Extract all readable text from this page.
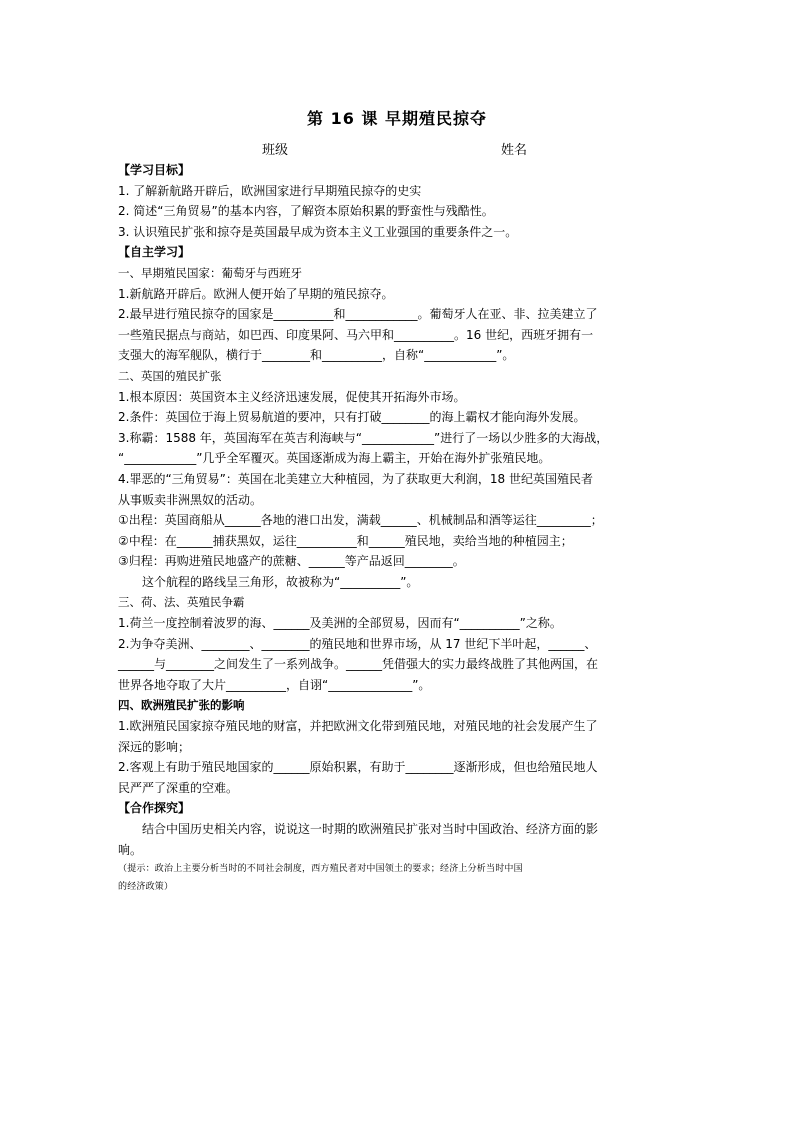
第 16 课 早期殖民掠夺
班级	姓名
【学习目标】
1. 了解新航路开辟后，欧洲国家进行早期殖民掠夺的史实
2. 简述“三角贸易”的基本内容，了解资本原始积累的野蛮性与残酷性。
3. 认识殖民扩张和掠夺是英国最早成为资本主义工业强国的重要条件之一。
【自主学习】
一、早期殖民国家：葡萄牙与西班牙
1.新航路开辟后。欧洲人便开始了早期的殖民掠夺。
2.最早进行殖民掠夺的国家是__________和____________。葡萄牙人在亚、非、拉美建立了
一些殖民据点与商站，如巴西、印度果阿、马六甲和__________。16 世纪，西班牙拥有一
支强大的海军舰队，横行于________和__________，自称“____________”。
二、英国的殖民扩张
1.根本原因：英国资本主义经济迅速发展，促使其开拓海外市场。
2.条件：英国位于海上贸易航道的要冲，只有打破________的海上霸权才能向海外发展。
3.称霸：1588 年，英国海军在英吉利海峡与“____________”进行了一场以少胜多的大海战，
“____________”几乎全军覆灭。英国逐渐成为海上霸主，开始在海外扩张殖民地。
4.罪恶的“三角贸易”：英国在北美建立大种植园，为了获取更大利润，18 世纪英国殖民者
从事贩卖非洲黑奴的活动。
①出程：英国商船从______各地的港口出发，满载______、机械制品和酒等运往_________；
②中程：在______捕获黑奴，运往__________和______殖民地，卖给当地的种植园主；
③归程：再购进殖民地盛产的蔗糖、______等产品返回________。
这个航程的路线呈三角形，故被称为“__________”。
三、荷、法、英殖民争霸
1.荷兰一度控制着波罗的海、______及美洲的全部贸易，因而有“__________”之称。
2.为争夺美洲、________、________的殖民地和世界市场，从 17 世纪下半叶起，______、
______与________之间发生了一系列战争。______凭借强大的实力最终战胜了其他两国，在
世界各地夺取了大片__________，自诩“______________”。
四、欧洲殖民扩张的影响
1.欧洲殖民国家掠夺殖民地的财富，并把欧洲文化带到殖民地，对殖民地的社会发展产生了
深远的影响；
2.客观上有助于殖民地国家的______原始积累，有助于________逐渐形成，但也给殖民地人
民严严了深重的空难。
【合作探究】
结合中国历史相关内容，说说这一时期的欧洲殖民扩张对当时中国政治、经济方面的影
响。
（提示：政治上主要分析当时的不同社会制度，西方殖民者对中国领土的要求；经济上分析当时中国
的经济政策）
